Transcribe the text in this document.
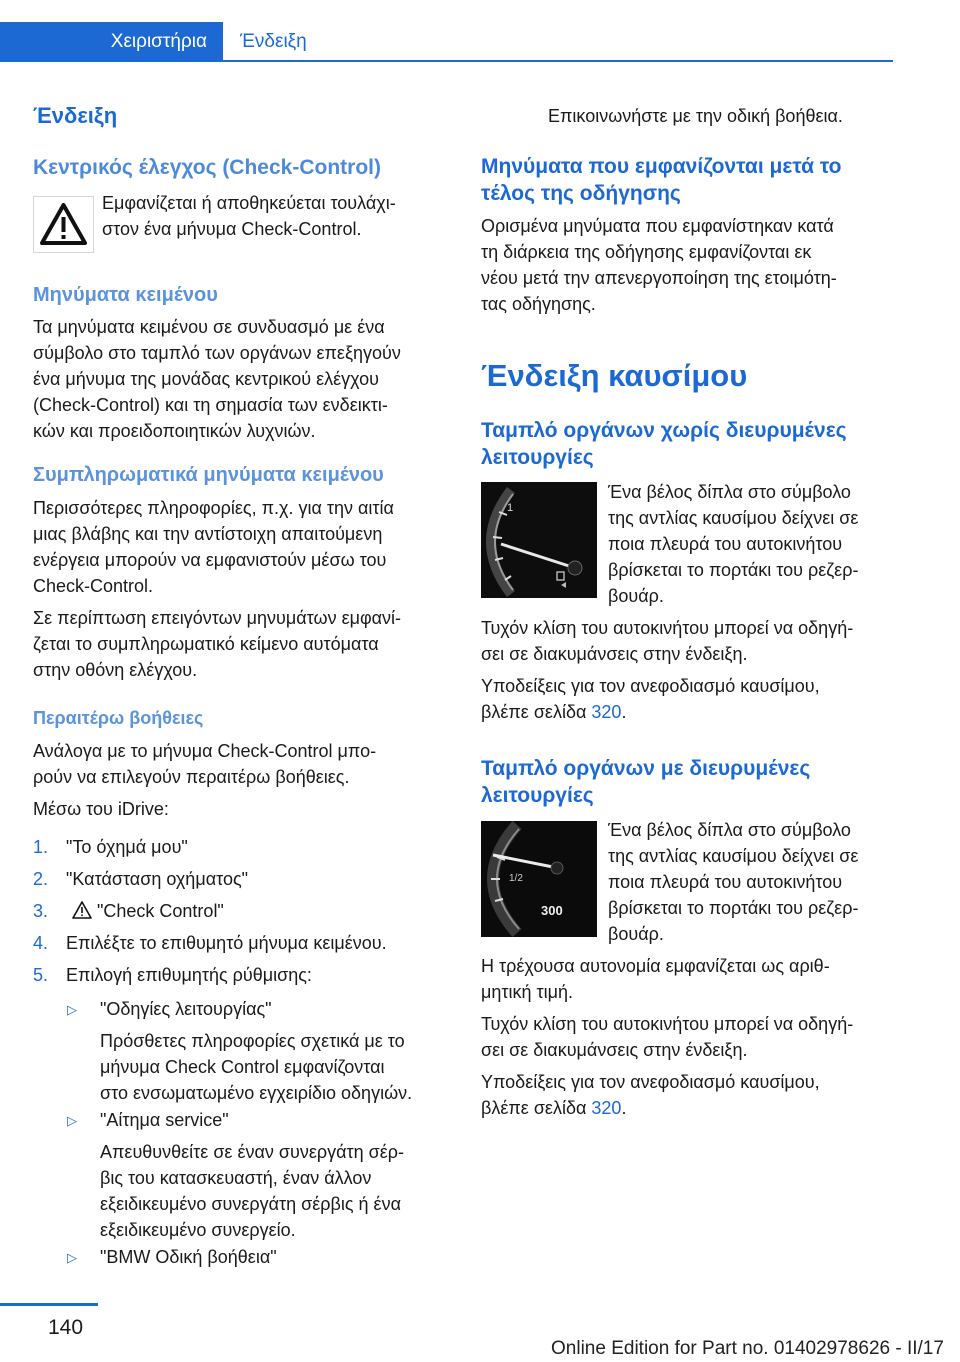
Χειριστήρια	Ένδειξη
Ένδειξη
Κεντρικός έλεγχος (Check-Control)

Εμφανίζεται ή αποθηκεύεται τουλάχι-

στον ένα μήνυμα Check-Control.

Μηνύματα κειμένου

Τα μηνύματα κειμένου σε συνδυασμό με ένα

σύμβολο στο ταμπλό των οργάνων επεξηγούν

ένα μήνυμα της μονάδας κεντρικού ελέγχου

(Check-Control) και τη σημασία των ενδεικτι-

κών και προειδοποιητικών λυχνιών.

Συμπληρωματικά μηνύματα κειμένου

Περισσότερες πληροφορίες, π.χ. για την αιτία

μιας βλάβης και την αντίστοιχη απαιτούμενη

ενέργεια μπορούν να εμφανιστούν μέσω του

Check-Control.

Σε περίπτωση επειγόντων μηνυμάτων εμφανί-

ζεται το συμπληρωματικό κείμενο αυτόματα

στην οθόνη ελέγχου.

Περαιτέρω βοήθειες

Ανάλογα με το μήνυμα Check-Control μπο-

ρούν να επιλεγούν περαιτέρω βοήθειες.

Μέσω του iDrive:

1. "Το όχημά μου"

2. "Κατάσταση οχήματος"

3.	"Check Control"

4. Επιλέξτε το επιθυμητό μήνυμα κειμένου.

5. Επιλογή επιθυμητής ρύθμισης:

▷ "Οδηγίες λειτουργίας"

Πρόσθετες πληροφορίες σχετικά με το

μήνυμα Check Control εμφανίζονται

στο ενσωματωμένο εγχειρίδιο οδηγιών.

▷ "Αίτημα service"

Απευθυνθείτε σε έναν συνεργάτη σέρ-

βις του κατασκευαστή, έναν άλλον

εξειδικευμένο συνεργάτη σέρβις ή ένα

εξειδικευμένο συνεργείο.

▷ "BMW Οδική βοήθεια"

Επικοινωνήστε με την οδική βοήθεια.

Μηνύματα που εμφανίζονται μετά το
τέλος της οδήγησης

Ορισμένα μηνύματα που εμφανίστηκαν κατά

τη διάρκεια της οδήγησης εμφανίζονται εκ

νέου μετά την απενεργοποίηση της ετοιμότη-

τας οδήγησης.

Ένδειξη καυσίμου
Ταμπλό οργάνων χωρίς διευρυμένες
λειτουργίες
1

Ένα βέλος δίπλα στο σύμβολο

της αντλίας καυσίμου δείχνει σε

ποια πλευρά του αυτοκινήτου

βρίσκεται το πορτάκι του ρεζερ-

βουάρ.

Τυχόν κλίση του αυτοκινήτου μπορεί να οδηγή-

σει σε διακυμάνσεις στην ένδειξη.

Υποδείξεις για τον ανεφοδιασμό καυσίμου,

βλέπε σελίδα 320.

Ταμπλό οργάνων με διευρυμένες
λειτουργίες
1/2
300

Ένα βέλος δίπλα στο σύμβολο

της αντλίας καυσίμου δείχνει σε

ποια πλευρά του αυτοκινήτου

βρίσκεται το πορτάκι του ρεζερ-

βουάρ.

Η τρέχουσα αυτονομία εμφανίζεται ως αριθ-

μητική τιμή.

Τυχόν κλίση του αυτοκινήτου μπορεί να οδηγή-

σει σε διακυμάνσεις στην ένδειξη.

Υποδείξεις για τον ανεφοδιασμό καυσίμου,

βλέπε σελίδα 320.

140
Online Edition for Part no. 01402978626 - II/17
